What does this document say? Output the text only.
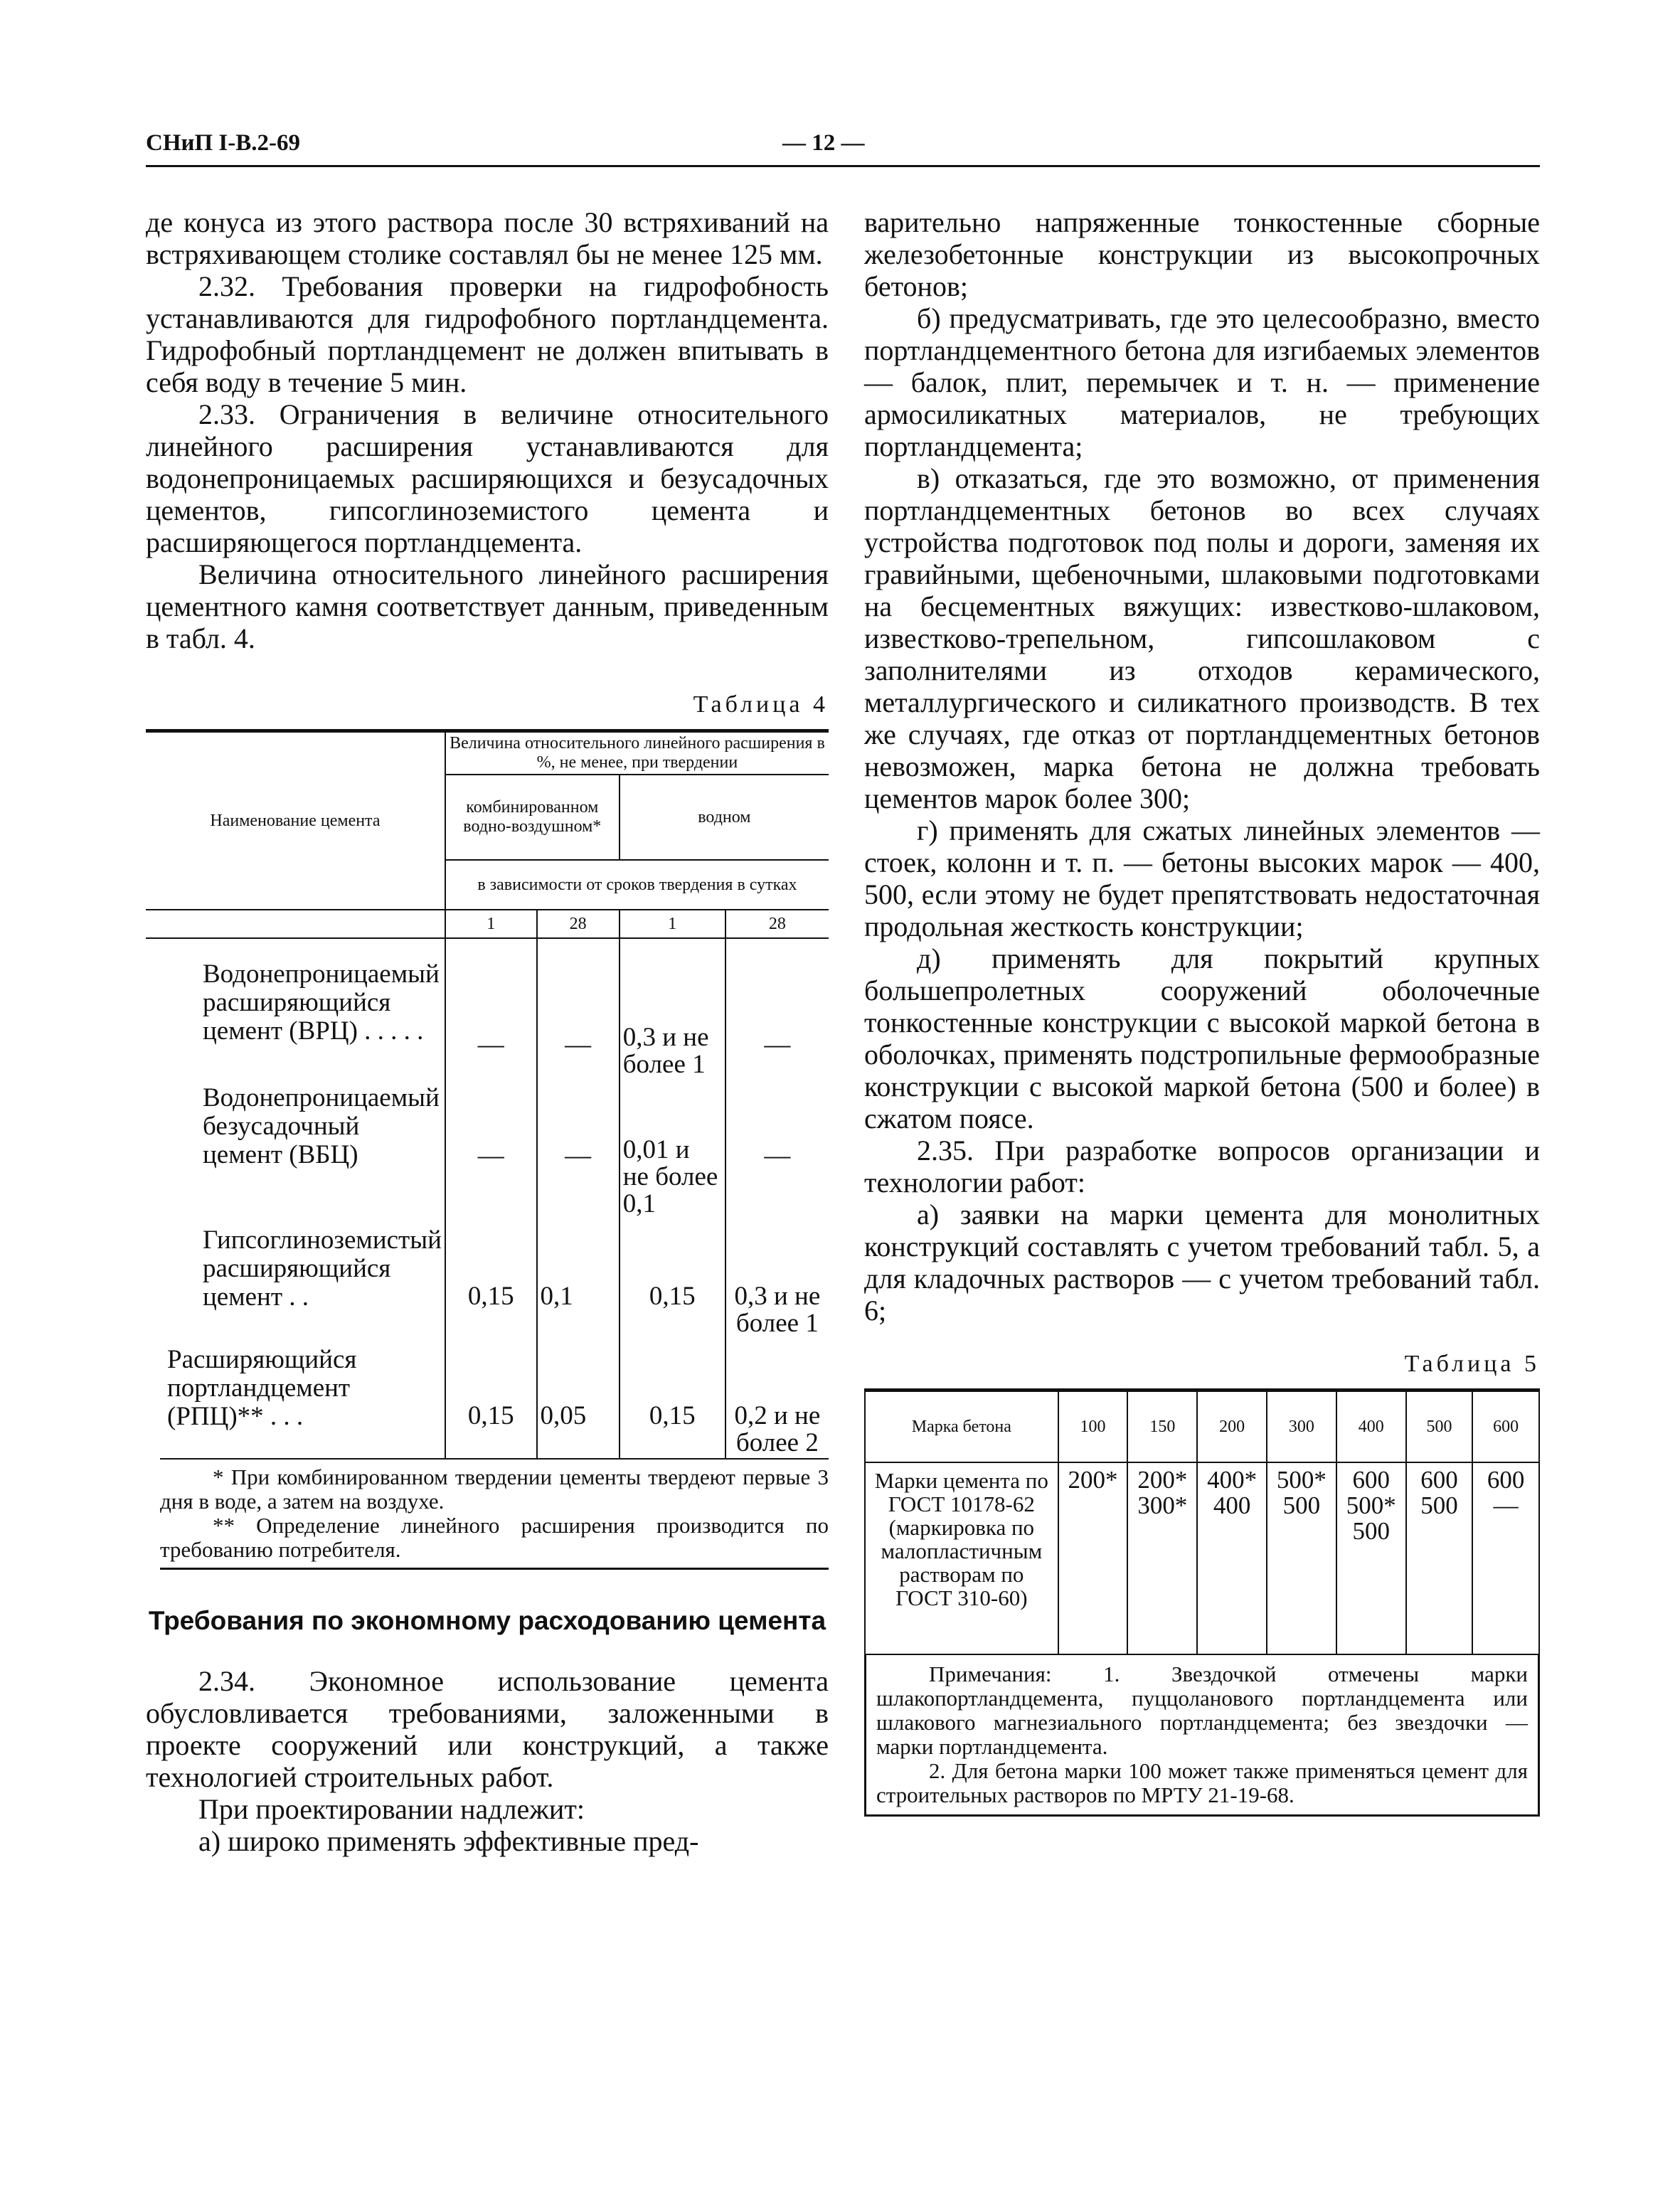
СНиП I-В.2-69	— 12 —

де конуса из этого раствора после 30 встряхиваний на встряхивающем столике составлял бы не менее 125 мм.

2.32. Требования проверки на гидрофобность устанавливаются для гидрофобного портландцемента. Гидрофобный портландцемент не должен впитывать в себя воду в течение 5 мин.

2.33. Ограничения в величине относительного линейного расширения устанавливаются для водонепроницаемых расширяющихся и безусадочных цементов, гипсоглиноземистого цемента и расширяющегося портландцемента.

Величина относительного линейного расширения цементного камня соответствует данным, приведенным в табл. 4.

Таблица 4

Наименование цемента	Величина относительного линейного расширения в %, не менее, при твердении			
	комбинированном водно-воздушном*		водном	
	в зависимости от сроков твердения в сутках			
	1	28	1	28
Водонепроницаемый расширяющийся цемент (ВРЦ) . . . . .	—	—	0,3 и не более 1	—
Водонепроницаемый безусадочный цемент (ВБЦ)	—	—	0,01 и не более 0,1	—
Гипсоглиноземистый расширяющийся цемент . .	0,15	0,1	0,15	0,3 и не более 1
Расширяющийся портландцемент (РПЦ)** . . .	0,15	0,05	0,15	0,2 и не более 2
* При комбинированном твердении цементы твердеют первые 3 дня в воде, а затем на воздухе.
** Определение линейного расширения производится по требованию потребителя.

Требования по экономному расходованию цемента

2.34. Экономное использование цемента обусловливается требованиями, заложенными в проекте сооружений или конструкций, а также технологией строительных работ.

При проектировании надлежит:

а) широко применять эффективные пред-

варительно напряженные тонкостенные сборные железобетонные конструкции из высокопрочных бетонов;

б) предусматривать, где это целесообразно, вместо портландцементного бетона для изгибаемых элементов — балок, плит, перемычек и т. н. — применение армосиликатных материалов, не требующих портландцемента;

в) отказаться, где это возможно, от применения портландцементных бетонов во всех случаях устройства подготовок под полы и дороги, заменяя их гравийными, щебеночными, шлаковыми подготовками на бесцементных вяжущих: известково-шлаковом, известково-трепельном, гипсошлаковом с заполнителями из отходов керамического, металлургического и силикатного производств. В тех же случаях, где отказ от портландцементных бетонов невозможен, марка бетона не должна требовать цементов марок более 300;

г) применять для сжатых линейных элементов — стоек, колонн и т. п. — бетоны высоких марок — 400, 500, если этому не будет препятствовать недостаточная продольная жесткость конструкции;

д) применять для покрытий крупных большепролетных сооружений оболочечные тонкостенные конструкции с высокой маркой бетона в оболочках, применять подстропильные фермообразные конструкции с высокой маркой бетона (500 и более) в сжатом поясе.

2.35. При разработке вопросов организации и технологии работ:

а) заявки на марки цемента для монолитных конструкций составлять с учетом требований табл. 5, а для кладочных растворов — с учетом требований табл. 6;

Таблица 5

Марка бетона	100	150	200	300	400	500	600
Марки цемента по ГОСТ 10178-62 (маркировка по малопластичным растворам по ГОСТ 310-60)	200*	200* 300*	400* 400	500* 500	600 500* 500	600 500	600 —
Примечания: 1. Звездочкой отмечены марки шлакопортландцемента, пуццоланового портландцемента или шлакового магнезиального портландцемента; без звездочки — марки портландцемента.
2. Для бетона марки 100 может также применяться цемент для строительных растворов по МРТУ 21-19-68.
